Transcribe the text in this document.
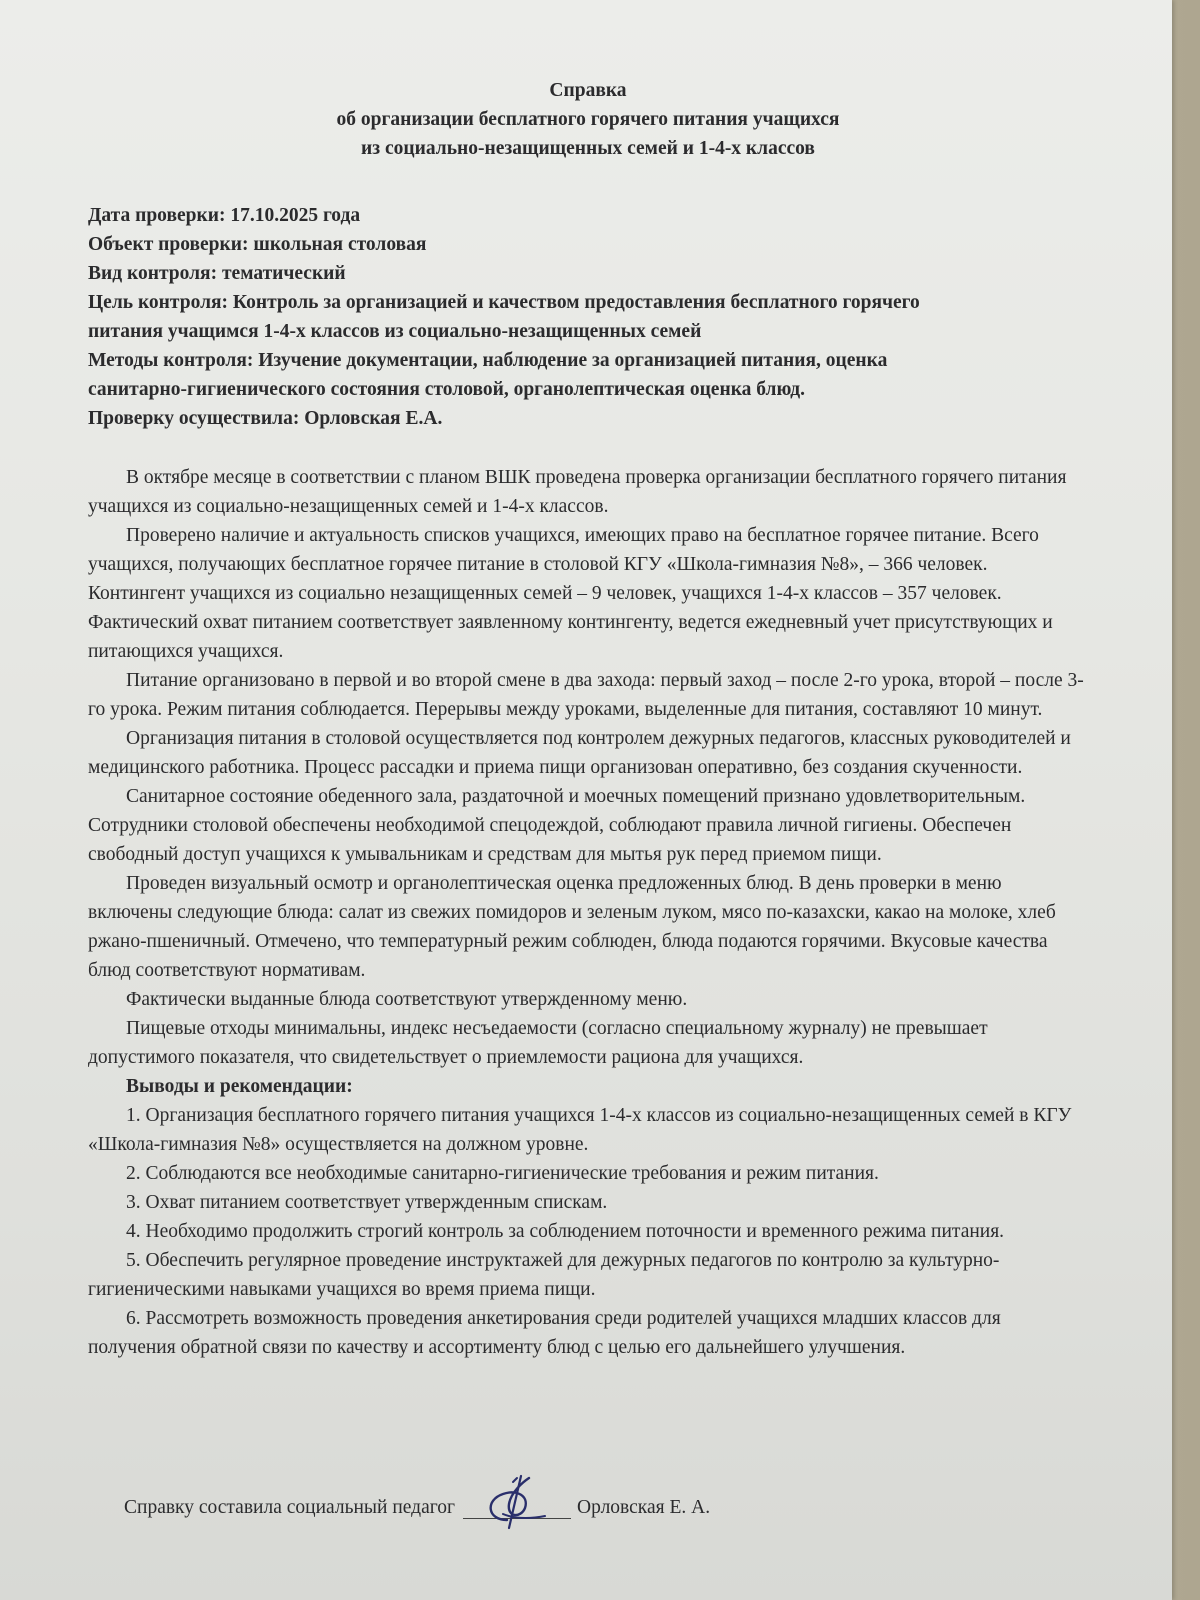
Справка
об организации бесплатного горячего питания учащихся
из социально-незащищенных семей и 1-4-х классов
Дата проверки: 17.10.2025 года
Объект проверки: школьная столовая
Вид контроля: тематический
Цель контроля: Контроль за организацией и качеством предоставления бесплатного горячего
питания учащимся 1-4-х классов из социально-незащищенных семей
Методы контроля: Изучение документации, наблюдение за организацией питания, оценка
санитарно-гигиенического состояния столовой, органолептическая оценка блюд.
Проверку осуществила: Орловская Е.А.

В октябре месяце в соответствии с планом ВШК проведена проверка организации бесплатного горячего питания учащихся из социально-незащищенных семей и 1-4-х классов.

Проверено наличие и актуальность списков учащихся, имеющих право на бесплатное горячее питание. Всего учащихся, получающих бесплатное горячее питание в столовой КГУ «Школа-гимназия №8», – 366 человек. Контингент учащихся из социально незащищенных семей – 9 человек, учащихся 1-4-х классов – 357 человек. Фактический охват питанием соответствует заявленному контингенту, ведется ежедневный учет присутствующих и питающихся учащихся.

Питание организовано в первой и во второй смене в два захода: первый заход – после 2-го урока, второй – после 3-го урока. Режим питания соблюдается. Перерывы между уроками, выделенные для питания, составляют 10 минут.

Организация питания в столовой осуществляется под контролем дежурных педагогов, классных руководителей и медицинского работника. Процесс рассадки и приема пищи организован оперативно, без создания скученности.

Санитарное состояние обеденного зала, раздаточной и моечных помещений признано удовлетворительным. Сотрудники столовой обеспечены необходимой спецодеждой, соблюдают правила личной гигиены. Обеспечен свободный доступ учащихся к умывальникам и средствам для мытья рук перед приемом пищи.

Проведен визуальный осмотр и органолептическая оценка предложенных блюд. В день проверки в меню включены следующие блюда: салат из свежих помидоров и зеленым луком, мясо по-казахски, какао на молоке, хлеб ржано-пшеничный. Отмечено, что температурный режим соблюден, блюда подаются горячими. Вкусовые качества блюд соответствуют нормативам.

Фактически выданные блюда соответствуют утвержденному меню.

Пищевые отходы минимальны, индекс несъедаемости (согласно специальному журналу) не превышает допустимого показателя, что свидетельствует о приемлемости рациона для учащихся.

Выводы и рекомендации:

1. Организация бесплатного горячего питания учащихся 1-4-х классов из социально-незащищенных семей в КГУ «Школа-гимназия №8» осуществляется на должном уровне.

2. Соблюдаются все необходимые санитарно-гигиенические требования и режим питания.

3. Охват питанием соответствует утвержденным спискам.

4. Необходимо продолжить строгий контроль за соблюдением поточности и временного режима питания.

5. Обеспечить регулярное проведение инструктажей для дежурных педагогов по контролю за культурно-гигиеническими навыками учащихся во время приема пищи.

6. Рассмотреть возможность проведения анкетирования среди родителей учащихся младших классов для получения обратной связи по качеству и ассортименту блюд с целью его дальнейшего улучшения.

Справку составила социальный педагог	Орловская Е. А.
